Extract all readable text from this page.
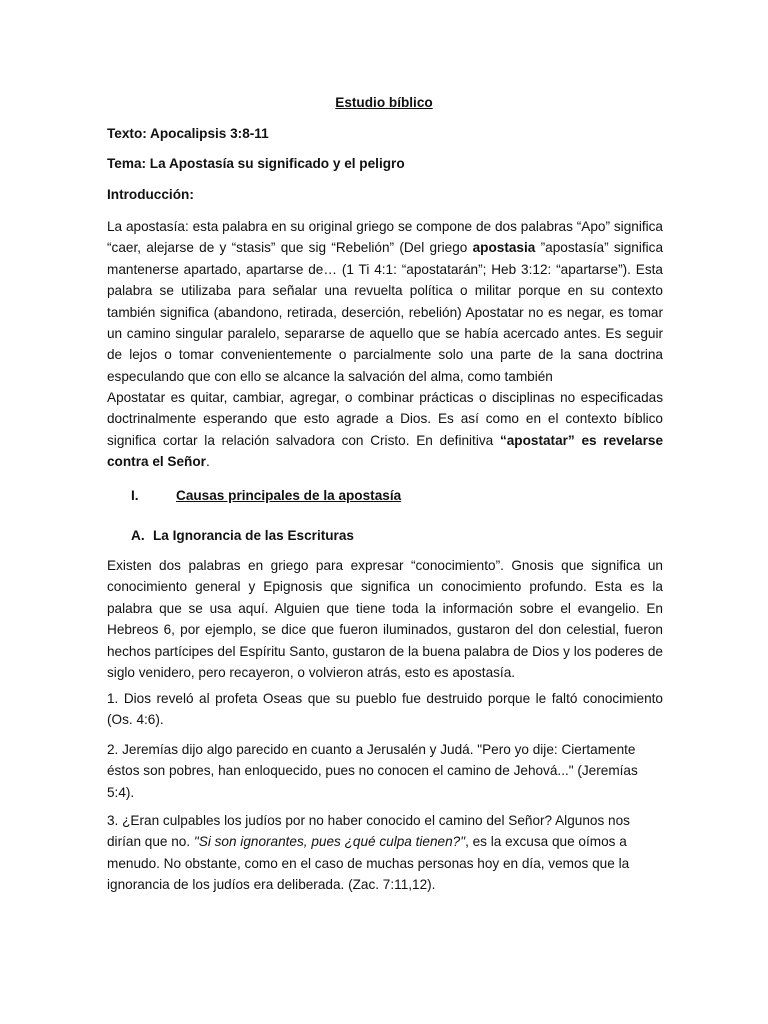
Estudio bíblico
Texto: Apocalipsis 3:8-11
Tema: La Apostasía su significado y el peligro
Introducción:
La apostasía: esta palabra en su original griego se compone de dos palabras “Apo” significa “caer, alejarse de y “stasis” que sig “Rebelión” (Del griego apostasia ”apostasía” significa mantenerse apartado, apartarse de… (1 Ti 4:1: “apostatarán”; Heb 3:12: “apartarse”). Esta palabra se utilizaba para señalar una revuelta política o militar porque en su contexto también significa (abandono, retirada, deserción, rebelión) Apostatar no es negar, es tomar un camino singular paralelo, separarse de aquello que se había acercado antes. Es seguir de lejos o tomar convenientemente o parcialmente solo una parte de la sana doctrina especulando que con ello se alcance la salvación del alma, como también
Apostatar es quitar, cambiar, agregar, o combinar prácticas o disciplinas no especificadas doctrinalmente esperando que esto agrade a Dios. Es así como en el contexto bíblico significa cortar la relación salvadora con Cristo. En definitiva “apostatar” es revelarse contra el Señor.
I.	Causas principales de la apostasía
A. La Ignorancia de las Escrituras
Existen dos palabras en griego para expresar “conocimiento”. Gnosis que significa un conocimiento general y Epignosis que significa un conocimiento profundo. Esta es la palabra que se usa aquí. Alguien que tiene toda la información sobre el evangelio. En Hebreos 6, por ejemplo, se dice que fueron iluminados, gustaron del don celestial, fueron hechos partícipes del Espíritu Santo, gustaron de la buena palabra de Dios y los poderes de siglo venidero, pero recayeron, o volvieron atrás, esto es apostasía.
1. Dios reveló al profeta Oseas que su pueblo fue destruido porque le faltó conocimiento (Os. 4:6).
2. Jeremías dijo algo parecido en cuanto a Jerusalén y Judá. "Pero yo dije: Ciertamente éstos son pobres, han enloquecido, pues no conocen el camino de Jehová..." (Jeremías 5:4).
3. ¿Eran culpables los judíos por no haber conocido el camino del Señor? Algunos nos dirían que no. "Si son ignorantes, pues ¿qué culpa tienen?", es la excusa que oímos a menudo. No obstante, como en el caso de muchas personas hoy en día, vemos que la ignorancia de los judíos era deliberada. (Zac. 7:11,12).
